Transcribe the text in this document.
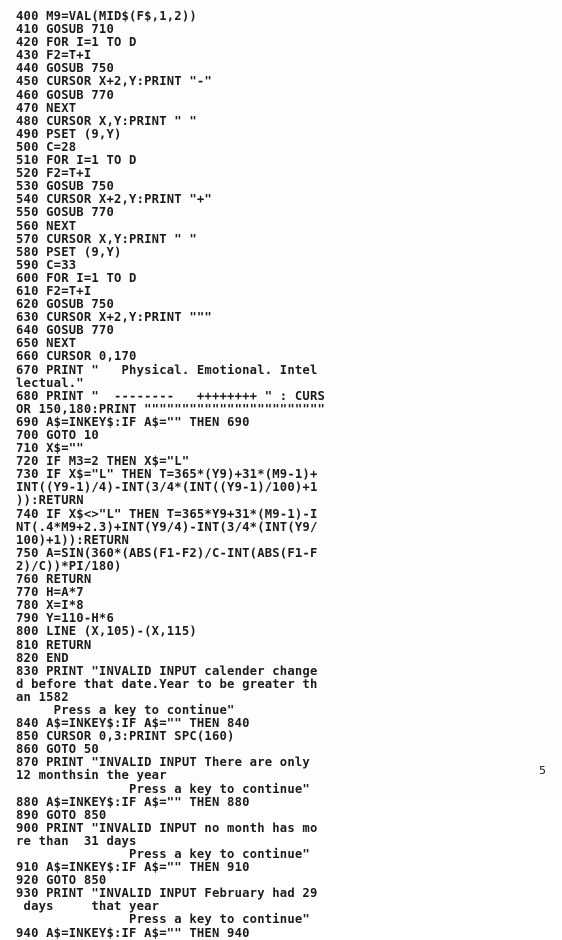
400 M9=VAL(MID$(F$,1,2))
410 GOSUB 710
420 FOR I=1 TO D
430 F2=T+I
440 GOSUB 750
450 CURSOR X+2,Y:PRINT "-"
460 GOSUB 770
470 NEXT
480 CURSOR X,Y:PRINT " "
490 PSET (9,Y)
500 C=28
510 FOR I=1 TO D
520 F2=T+I
530 GOSUB 750
540 CURSOR X+2,Y:PRINT "+"
550 GOSUB 770
560 NEXT
570 CURSOR X,Y:PRINT " "
580 PSET (9,Y)
590 C=33
600 FOR I=1 TO D
610 F2=T+I
620 GOSUB 750
630 CURSOR X+2,Y:PRINT """
640 GOSUB 770
650 NEXT
660 CURSOR 0,170
670 PRINT "   Physical. Emotional. Intel
lectual."
680 PRINT "  --------   ++++++++ " : CURS
OR 150,180:PRINT """"""""""""""""""""""""
690 A$=INKEY$:IF A$="" THEN 690
700 GOTO 10
710 X$=""
720 IF M3=2 THEN X$="L"
730 IF X$="L" THEN T=365*(Y9)+31*(M9-1)+
INT((Y9-1)/4)-INT(3/4*(INT((Y9-1)/100)+1
)):RETURN
740 IF X$<>"L" THEN T=365*Y9+31*(M9-1)-I
NT(.4*M9+2.3)+INT(Y9/4)-INT(3/4*(INT(Y9/
100)+1)):RETURN
750 A=SIN(360*(ABS(F1-F2)/C-INT(ABS(F1-F
2)/C))*PI/180)
760 RETURN
770 H=A*7
780 X=I*8
790 Y=110-H*6
800 LINE (X,105)-(X,115)
810 RETURN
820 END
830 PRINT "INVALID INPUT calender change
d before that date.Year to be greater th
an 1582
Press a key to continue"
840 A$=INKEY$:IF A$="" THEN 840
850 CURSOR 0,3:PRINT SPC(160)
860 GOTO 50
870 PRINT "INVALID INPUT There are only
12 monthsin the year
Press a key to continue"
880 A$=INKEY$:IF A$="" THEN 880
890 GOTO 850
900 PRINT "INVALID INPUT no month has mo
re than  31 days
Press a key to continue"
910 A$=INKEY$:IF A$="" THEN 910
920 GOTO 850
930 PRINT "INVALID INPUT February had 29
days     that year
Press a key to continue"
940 A$=INKEY$:IF A$="" THEN 940
5
